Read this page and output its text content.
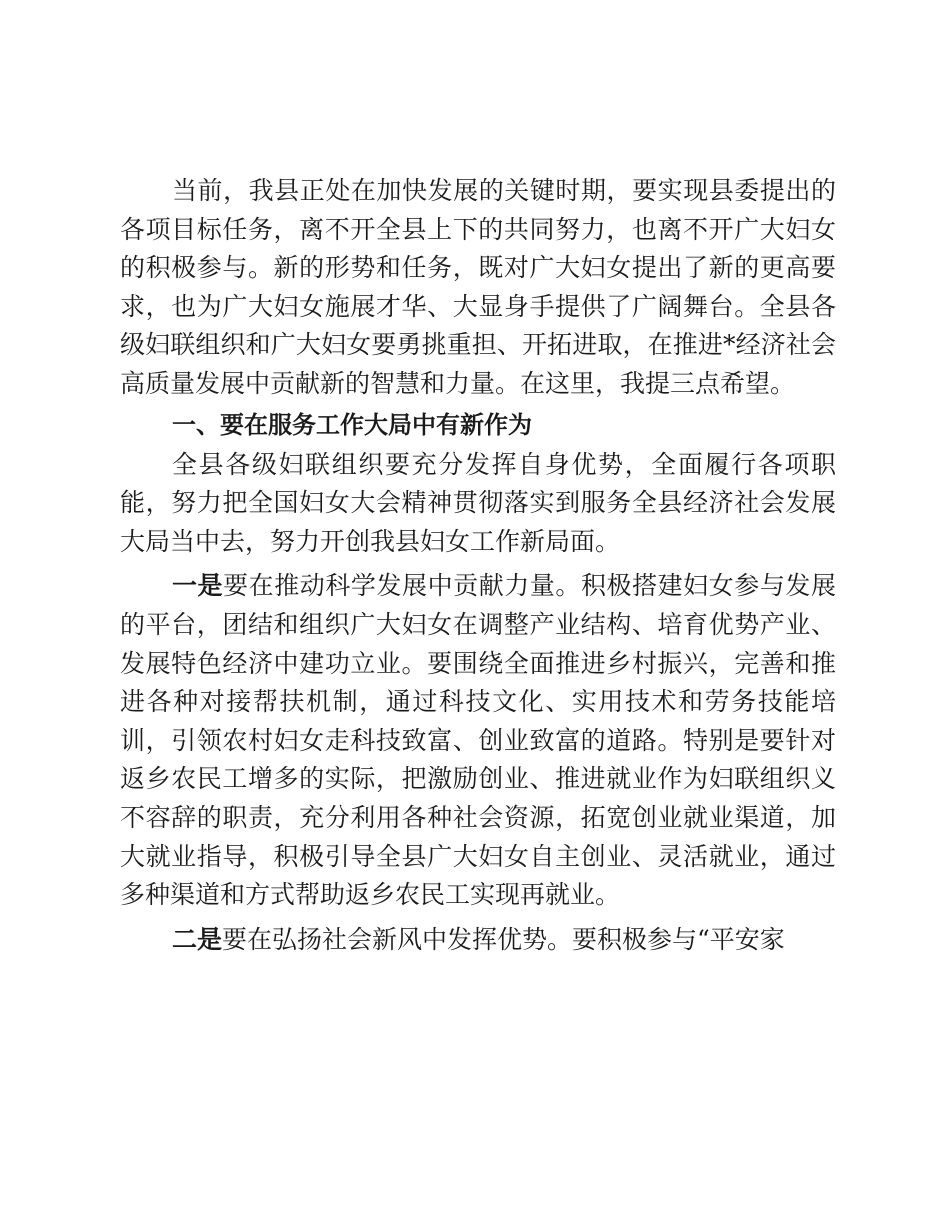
当前，我县正处在加快发展的关键时期，要实现县委提出的各项目标任务，离不开全县上下的共同努力，也离不开广大妇女的积极参与。新的形势和任务，既对广大妇女提出了新的更高要求，也为广大妇女施展才华、大显身手提供了广阔舞台。全县各级妇联组织和广大妇女要勇挑重担、开拓进取，在推进*经济社会高质量发展中贡献新的智慧和力量。在这里，我提三点希望。

一、要在服务工作大局中有新作为

全县各级妇联组织要充分发挥自身优势，全面履行各项职能，努力把全国妇女大会精神贯彻落实到服务全县经济社会发展大局当中去，努力开创我县妇女工作新局面。

一是要在推动科学发展中贡献力量。积极搭建妇女参与发展的平台，团结和组织广大妇女在调整产业结构、培育优势产业、发展特色经济中建功立业。要围绕全面推进乡村振兴，完善和推进各种对接帮扶机制，通过科技文化、实用技术和劳务技能培训，引领农村妇女走科技致富、创业致富的道路。特别是要针对返乡农民工增多的实际，把激励创业、推进就业作为妇联组织义不容辞的职责，充分利用各种社会资源，拓宽创业就业渠道，加大就业指导，积极引导全县广大妇女自主创业、灵活就业，通过多种渠道和方式帮助返乡农民工实现再就业。

二是要在弘扬社会新风中发挥优势。要积极参与“平安家
